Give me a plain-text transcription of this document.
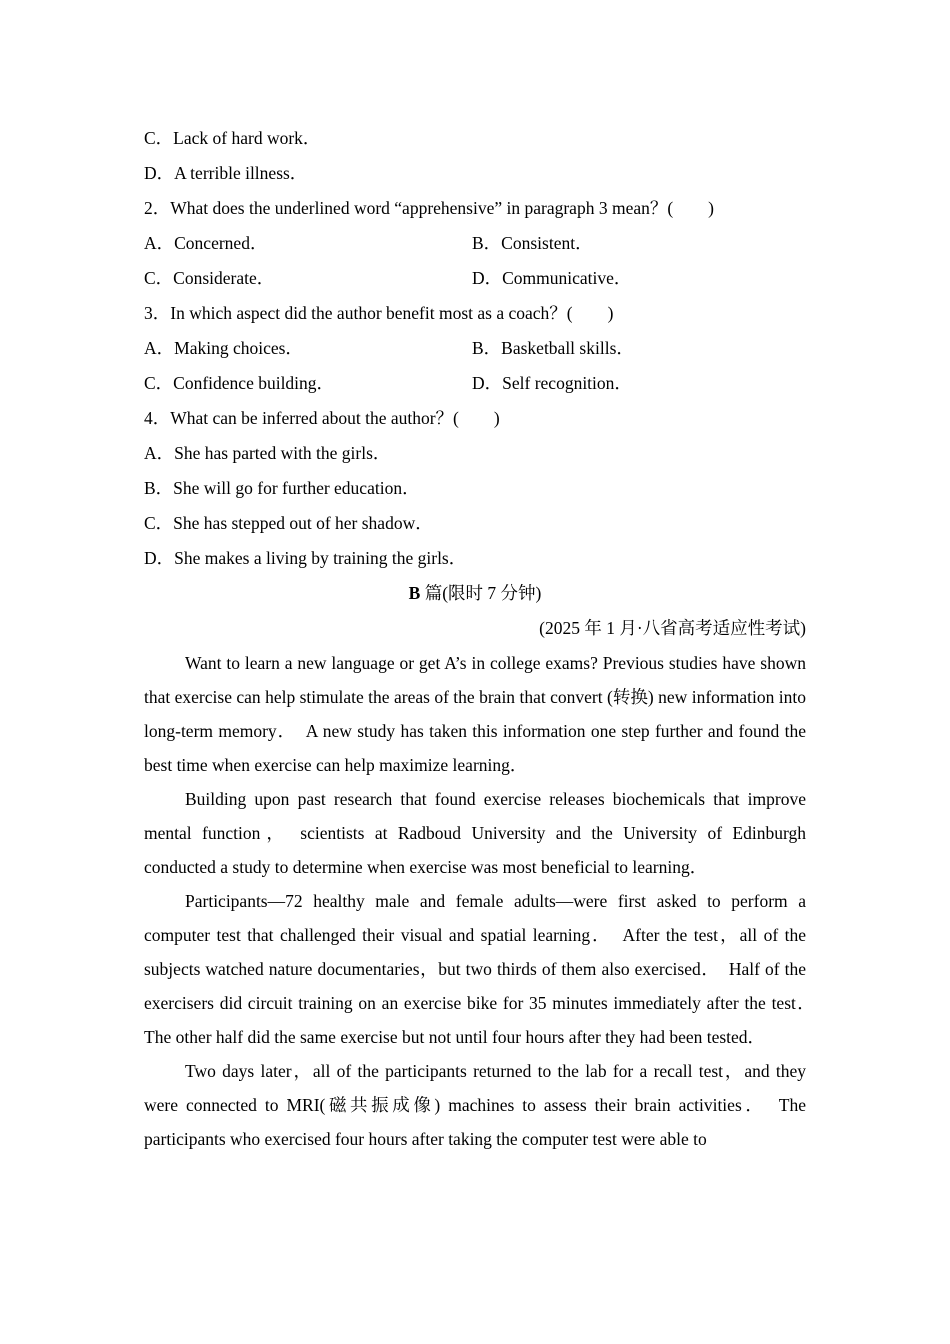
C．Lack of hard work．
D．A terrible illness．
2．What does the underlined word “apprehensive” in paragraph 3 mean？(　　)
A．Concerned．	B．Consistent．
C．Considerate．	D．Communicative．
3．In which aspect did the author benefit most as a coach？(　　)
A．Making choices．	B．Basketball skills．
C．Confidence building．	D．Self recognition．
4．What can be inferred about the author？(　　)
A．She has parted with the girls．
B．She will go for further education．
C．She has stepped out of her shadow．
D．She makes a living by training the girls．
B 篇(限时 7 分钟)
(2025 年 1 月·八省高考适应性考试)

Want to learn a new language or get A’s in college exams? Previous studies have shown that exercise can help stimulate the areas of the brain that convert (转换) new information into long-term memory．　A new study has taken this information one step further and found the best time when exercise can help maximize learning．

Building upon past research that found exercise releases biochemicals that improve mental function， scientists at Radboud University and the University of Edinburgh conducted a study to determine when exercise was most beneficial to learning．

Participants—72 healthy male and female adults—were first asked to perform a computer test that challenged their visual and spatial learning．　After the test，all of the subjects watched nature documentaries，but two thirds of them also exercised．　Half of the exercisers did circuit training on an exercise bike for 35 minutes immediately after the test．　The other half did the same exercise but not until four hours after they had been tested．

Two days later，all of the participants returned to the lab for a recall test，and they were connected to MRI(磁共振成像) machines to assess their brain activities．　The participants who exercised four hours after taking the computer test were able to
